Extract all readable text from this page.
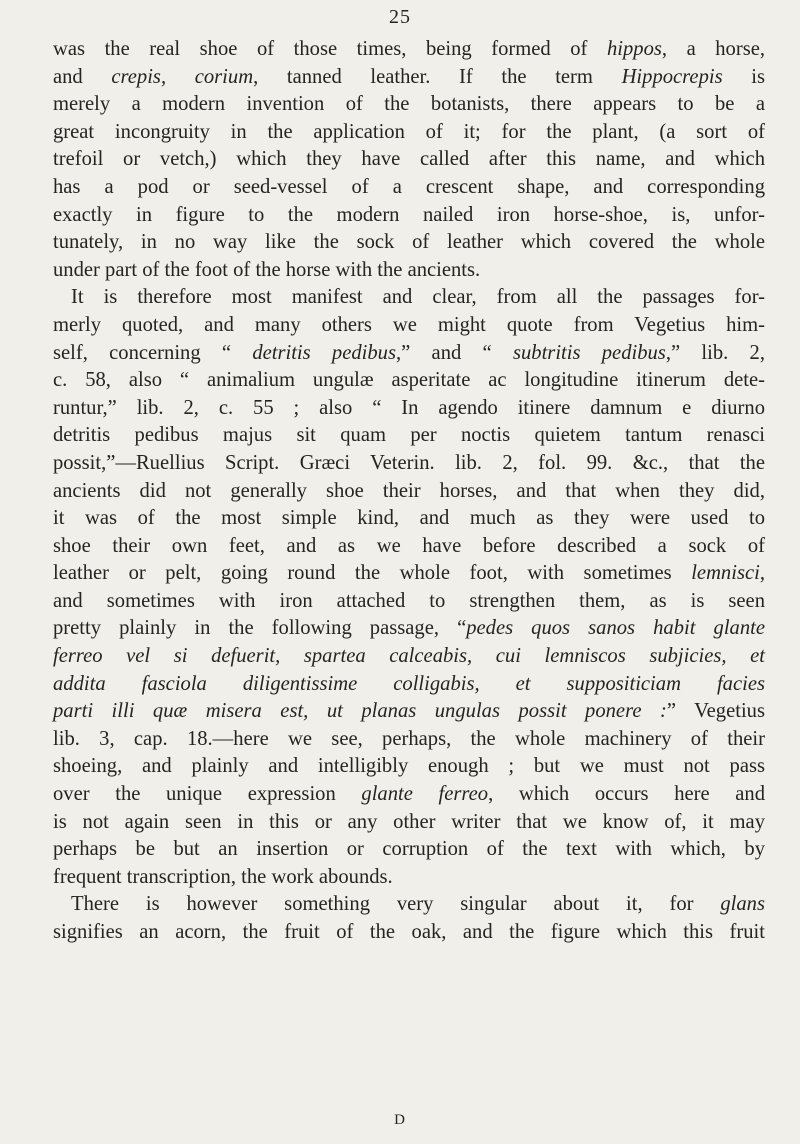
25
was the real shoe of those times, being formed of hippos, a horse,
and crepis, corium, tanned leather. If the term Hippocrepis is
merely a modern invention of the botanists, there appears to be a
great incongruity in the application of it; for the plant, (a sort of
trefoil or vetch,) which they have called after this name, and which
has a pod or seed-vessel of a crescent shape, and corresponding
exactly in figure to the modern nailed iron horse-shoe, is, unfor-
tunately, in no way like the sock of leather which covered the whole
under part of the foot of the horse with the ancients.
It is therefore most manifest and clear, from all the passages for-
merly quoted, and many others we might quote from Vegetius him-
self, concerning “ detritis pedibus,” and “ subtritis pedibus,” lib. 2,
c. 58, also “ animalium ungulæ asperitate ac longitudine itinerum dete-
runtur,” lib. 2, c. 55 ; also “ In agendo itinere damnum e diurno
detritis pedibus majus sit quam per noctis quietem tantum renasci
possit,”—Ruellius Script. Græci Veterin. lib. 2, fol. 99. &c., that the
ancients did not generally shoe their horses, and that when they did,
it was of the most simple kind, and much as they were used to
shoe their own feet, and as we have before described a sock of
leather or pelt, going round the whole foot, with sometimes lemnisci,
and sometimes with iron attached to strengthen them, as is seen
pretty plainly in the following passage, “pedes quos sanos habit glante
ferreo vel si defuerit, spartea calceabis, cui lemniscos subjicies, et
addita fasciola diligentissime colligabis, et suppositiciam facies
parti illi quæ misera est, ut planas ungulas possit ponere :” Vegetius
lib. 3, cap. 18.—here we see, perhaps, the whole machinery of their
shoeing, and plainly and intelligibly enough ; but we must not pass
over the unique expression glante ferreo, which occurs here and
is not again seen in this or any other writer that we know of, it may
perhaps be but an insertion or corruption of the text with which, by
frequent transcription, the work abounds.
There is however something very singular about it, for glans
signifies an acorn, the fruit of the oak, and the figure which this fruit
D
